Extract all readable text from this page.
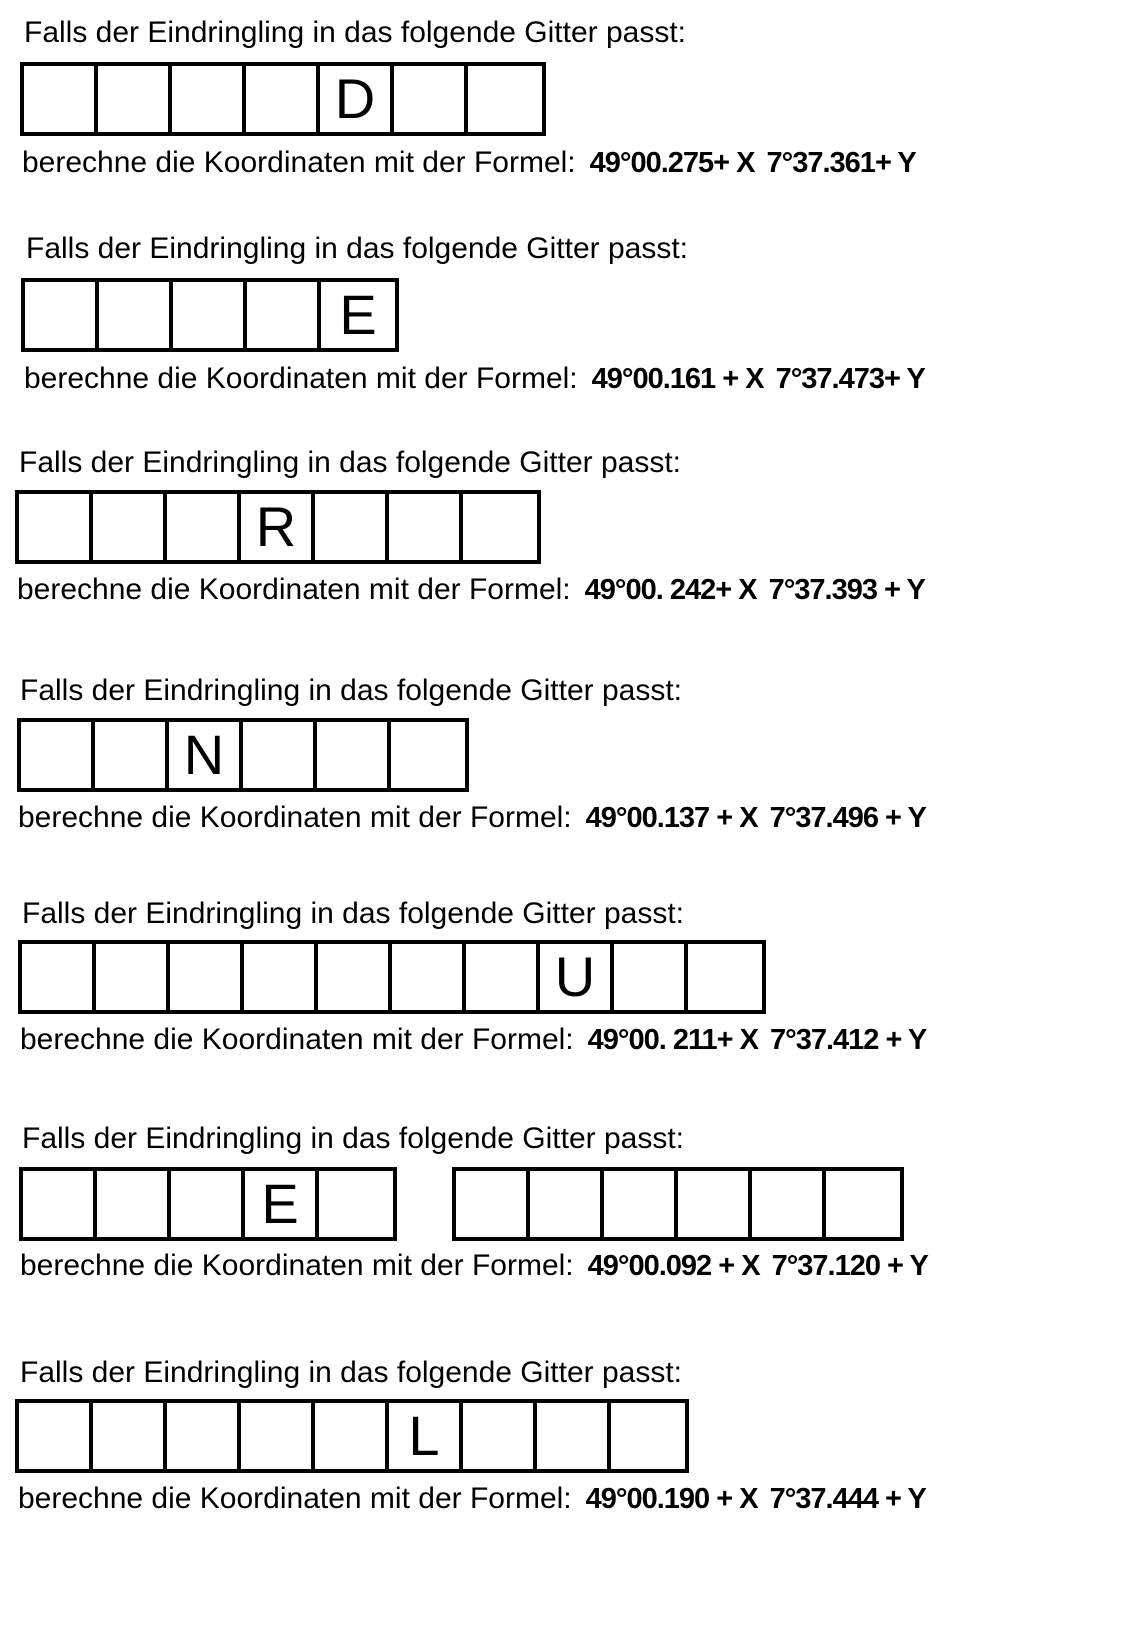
Falls der Eindringling in das folgende Gitter passt:
D
berechne die Koordinaten mit der Formel: 49°00.275+ X 7°37.361+ Y
Falls der Eindringling in das folgende Gitter passt:
E
berechne die Koordinaten mit der Formel: 49°00.161 + X 7°37.473+ Y
Falls der Eindringling in das folgende Gitter passt:
R
berechne die Koordinaten mit der Formel: 49°00. 242+ X 7°37.393 + Y
Falls der Eindringling in das folgende Gitter passt:
N
berechne die Koordinaten mit der Formel: 49°00.137 + X 7°37.496 + Y
Falls der Eindringling in das folgende Gitter passt:
U
berechne die Koordinaten mit der Formel: 49°00. 211+ X 7°37.412 + Y
Falls der Eindringling in das folgende Gitter passt:
E
berechne die Koordinaten mit der Formel: 49°00.092 + X 7°37.120 + Y
Falls der Eindringling in das folgende Gitter passt:
L
berechne die Koordinaten mit der Formel: 49°00.190 + X 7°37.444 + Y
